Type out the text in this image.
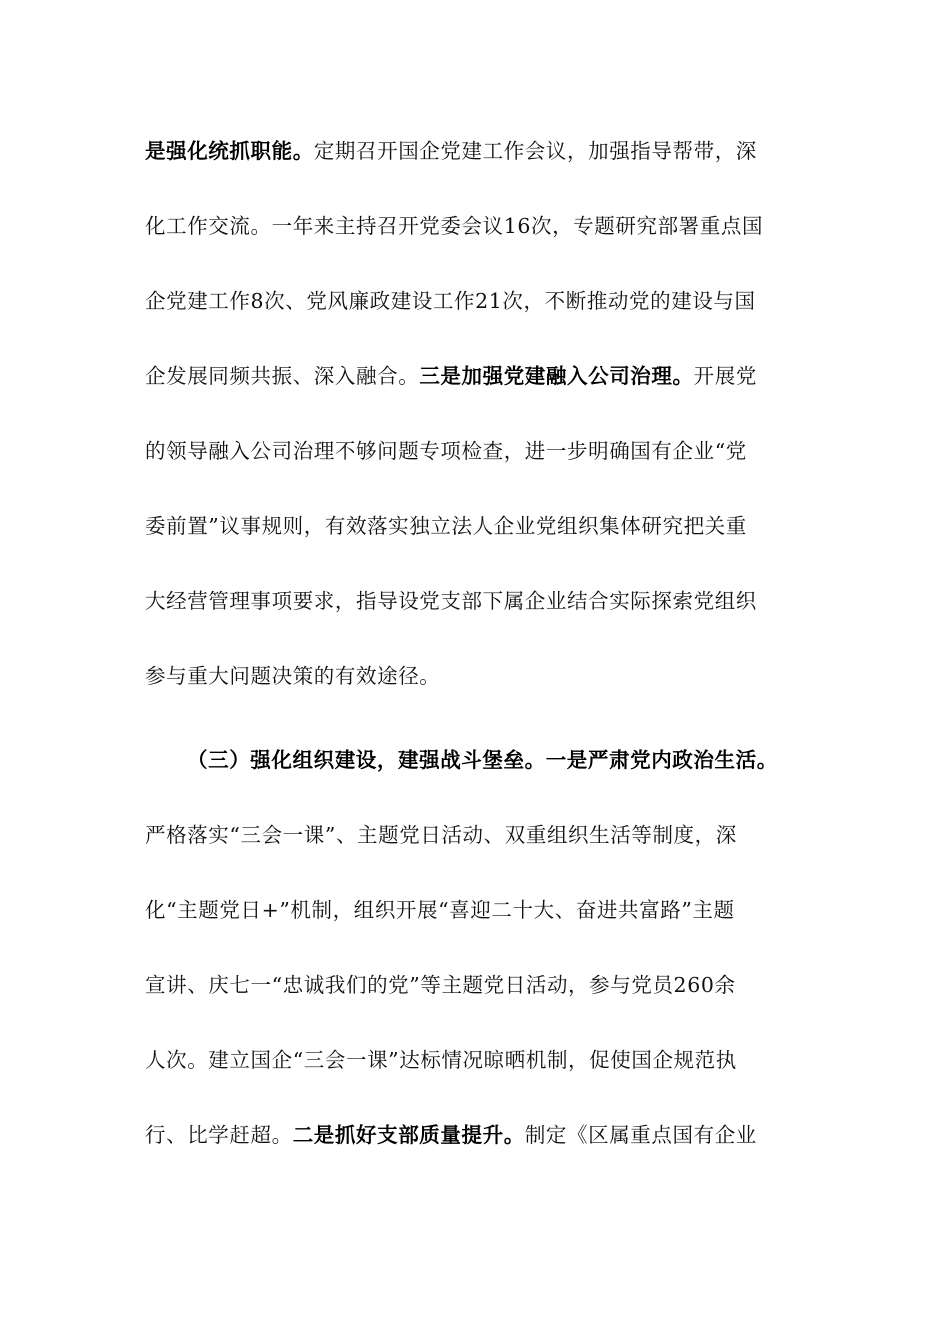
是强化统抓职能。定期召开国企党建工作会议，加强指导帮带，深
化工作交流。一年来主持召开党委会议16次，专题研究部署重点国
企党建工作8次、党风廉政建设工作21次，不断推动党的建设与国
企发展同频共振、深入融合。三是加强党建融入公司治理。开展党
的领导融入公司治理不够问题专项检查，进一步明确国有企业“党
委前置”议事规则，有效落实独立法人企业党组织集体研究把关重
大经营管理事项要求，指导设党支部下属企业结合实际探索党组织
参与重大问题决策的有效途径。
（三）强化组织建设，建强战斗堡垒。一是严肃党内政治生活。
严格落实“三会一课”、主题党日活动、双重组织生活等制度，深
化“主题党日+”机制，组织开展“喜迎二十大、奋进共富路”主题
宣讲、庆七一“忠诚我们的党”等主题党日活动，参与党员260余
人次。建立国企“三会一课”达标情况晾晒机制，促使国企规范执
行、比学赶超。二是抓好支部质量提升。制定《区属重点国有企业
